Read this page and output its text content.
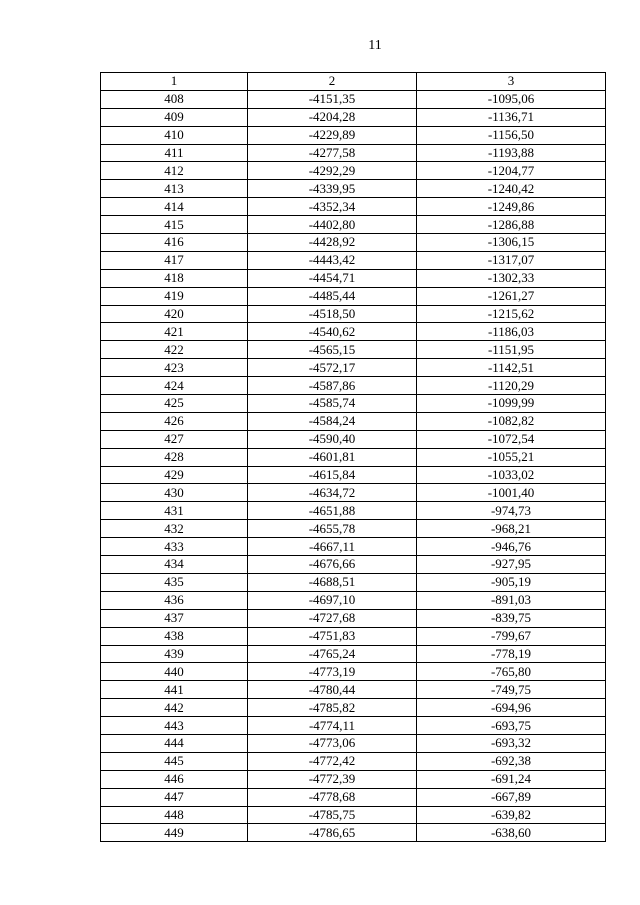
11
1	2	3
408	-4151,35	-1095,06
409	-4204,28	-1136,71
410	-4229,89	-1156,50
411	-4277,58	-1193,88
412	-4292,29	-1204,77
413	-4339,95	-1240,42
414	-4352,34	-1249,86
415	-4402,80	-1286,88
416	-4428,92	-1306,15
417	-4443,42	-1317,07
418	-4454,71	-1302,33
419	-4485,44	-1261,27
420	-4518,50	-1215,62
421	-4540,62	-1186,03
422	-4565,15	-1151,95
423	-4572,17	-1142,51
424	-4587,86	-1120,29
425	-4585,74	-1099,99
426	-4584,24	-1082,82
427	-4590,40	-1072,54
428	-4601,81	-1055,21
429	-4615,84	-1033,02
430	-4634,72	-1001,40
431	-4651,88	-974,73
432	-4655,78	-968,21
433	-4667,11	-946,76
434	-4676,66	-927,95
435	-4688,51	-905,19
436	-4697,10	-891,03
437	-4727,68	-839,75
438	-4751,83	-799,67
439	-4765,24	-778,19
440	-4773,19	-765,80
441	-4780,44	-749,75
442	-4785,82	-694,96
443	-4774,11	-693,75
444	-4773,06	-693,32
445	-4772,42	-692,38
446	-4772,39	-691,24
447	-4778,68	-667,89
448	-4785,75	-639,82
449	-4786,65	-638,60
